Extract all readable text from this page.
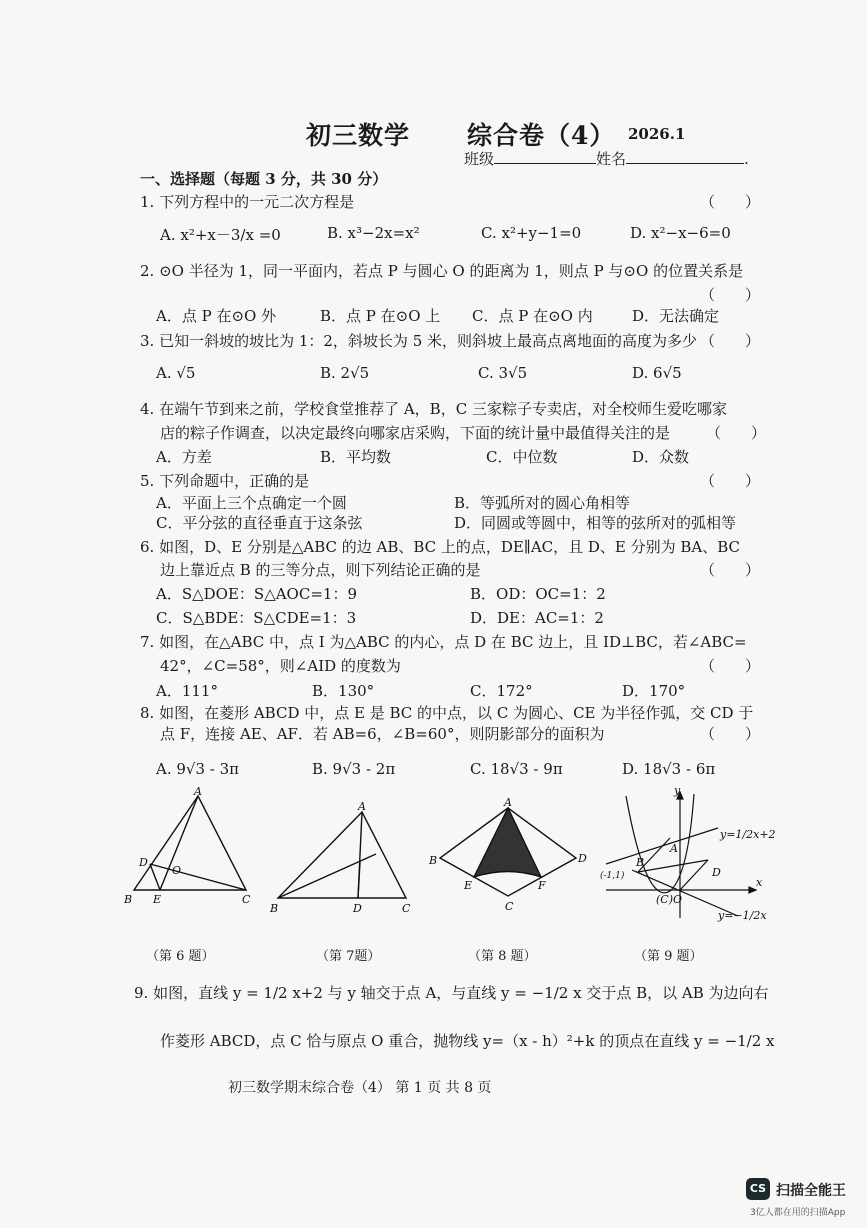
初三数学 综合卷（4） 2026.1
班级	姓名	.
一、选择题（每题 3 分，共 30 分）
1. 下列方程中的一元二次方程是	（　　）
A. x²+x－3/x =0	B. x³−2x=x²	C. x²+y−1=0	D. x²−x−6=0
2. ⊙O 半径为 1，同一平面内，若点 P 与圆心 O 的距离为 1，则点 P 与⊙O 的位置关系是
（　　）
A．点 P 在⊙O 外	B．点 P 在⊙O 上 C．点 P 在⊙O 内	D．无法确定
3. 已知一斜坡的坡比为 1：2，斜坡长为 5 米，则斜坡上最高点离地面的高度为多少 （　　）
A. √5	B. 2√5	C. 3√5	D. 6√5
4. 在端午节到来之前，学校食堂推荐了 A，B，C 三家粽子专卖店，对全校师生爱吃哪家
店的粽子作调查，以决定最终向哪家店采购，下面的统计量中最值得关注的是 （　　）
A．方差	B．平均数	C．中位数	D．众数
5. 下列命题中，正确的是	（　　）
A．平面上三个点确定一个圆	B．等弧所对的圆心角相等
C．平分弦的直径垂直于这条弦	D．同圆或等圆中，相等的弦所对的弧相等
6. 如图，D、E 分别是△ABC 的边 AB、BC 上的点，DE∥AC，且 D、E 分别为 BA、BC
边上靠近点 B 的三等分点，则下列结论正确的是	（　　）
A．S△DOE：S△AOC=1：9	B．OD：OC=1：2
C．S△BDE：S△CDE=1：3	D．DE：AC=1：2
7. 如图，在△ABC 中，点 I 为△ABC 的内心，点 D 在 BC 边上，且 ID⊥BC，若∠ABC=
42°，∠C=58°，则∠AID 的度数为	（　　）
A．111°	B．130°	C．172°	D．170°
8. 如图，在菱形 ABCD 中，点 E 是 BC 的中点，以 C 为圆心、CE 为半径作弧，交 CD 于
点 F，连接 AE、AF．若 AB=6，∠B=60°，则阴影部分的面积为	（　　）
A. 9√3 - 3π	B. 9√3 - 2π	C. 18√3 - 9π	D. 18√3 - 6π
A
B	C
D
E
O
（第 6 题）
A
B	C
D
（第 7题）
A
B
C
D
E	F
（第 8 题）
y
x
A
B
D
(C)O
y=1/2x+2
y=−1/2x
(-1,1)
（第 9 题）
9. 如图，直线 y = 1/2 x+2 与 y 轴交于点 A，与直线 y = −1/2 x 交于点 B，以 AB 为边向右
作菱形 ABCD，点 C 恰与原点 O 重合，抛物线 y=（x - h）²+k 的顶点在直线 y = −1/2 x
初三数学期末综合卷（4） 第 1 页 共 8 页
CS 扫描全能王
3亿人都在用的扫描App
